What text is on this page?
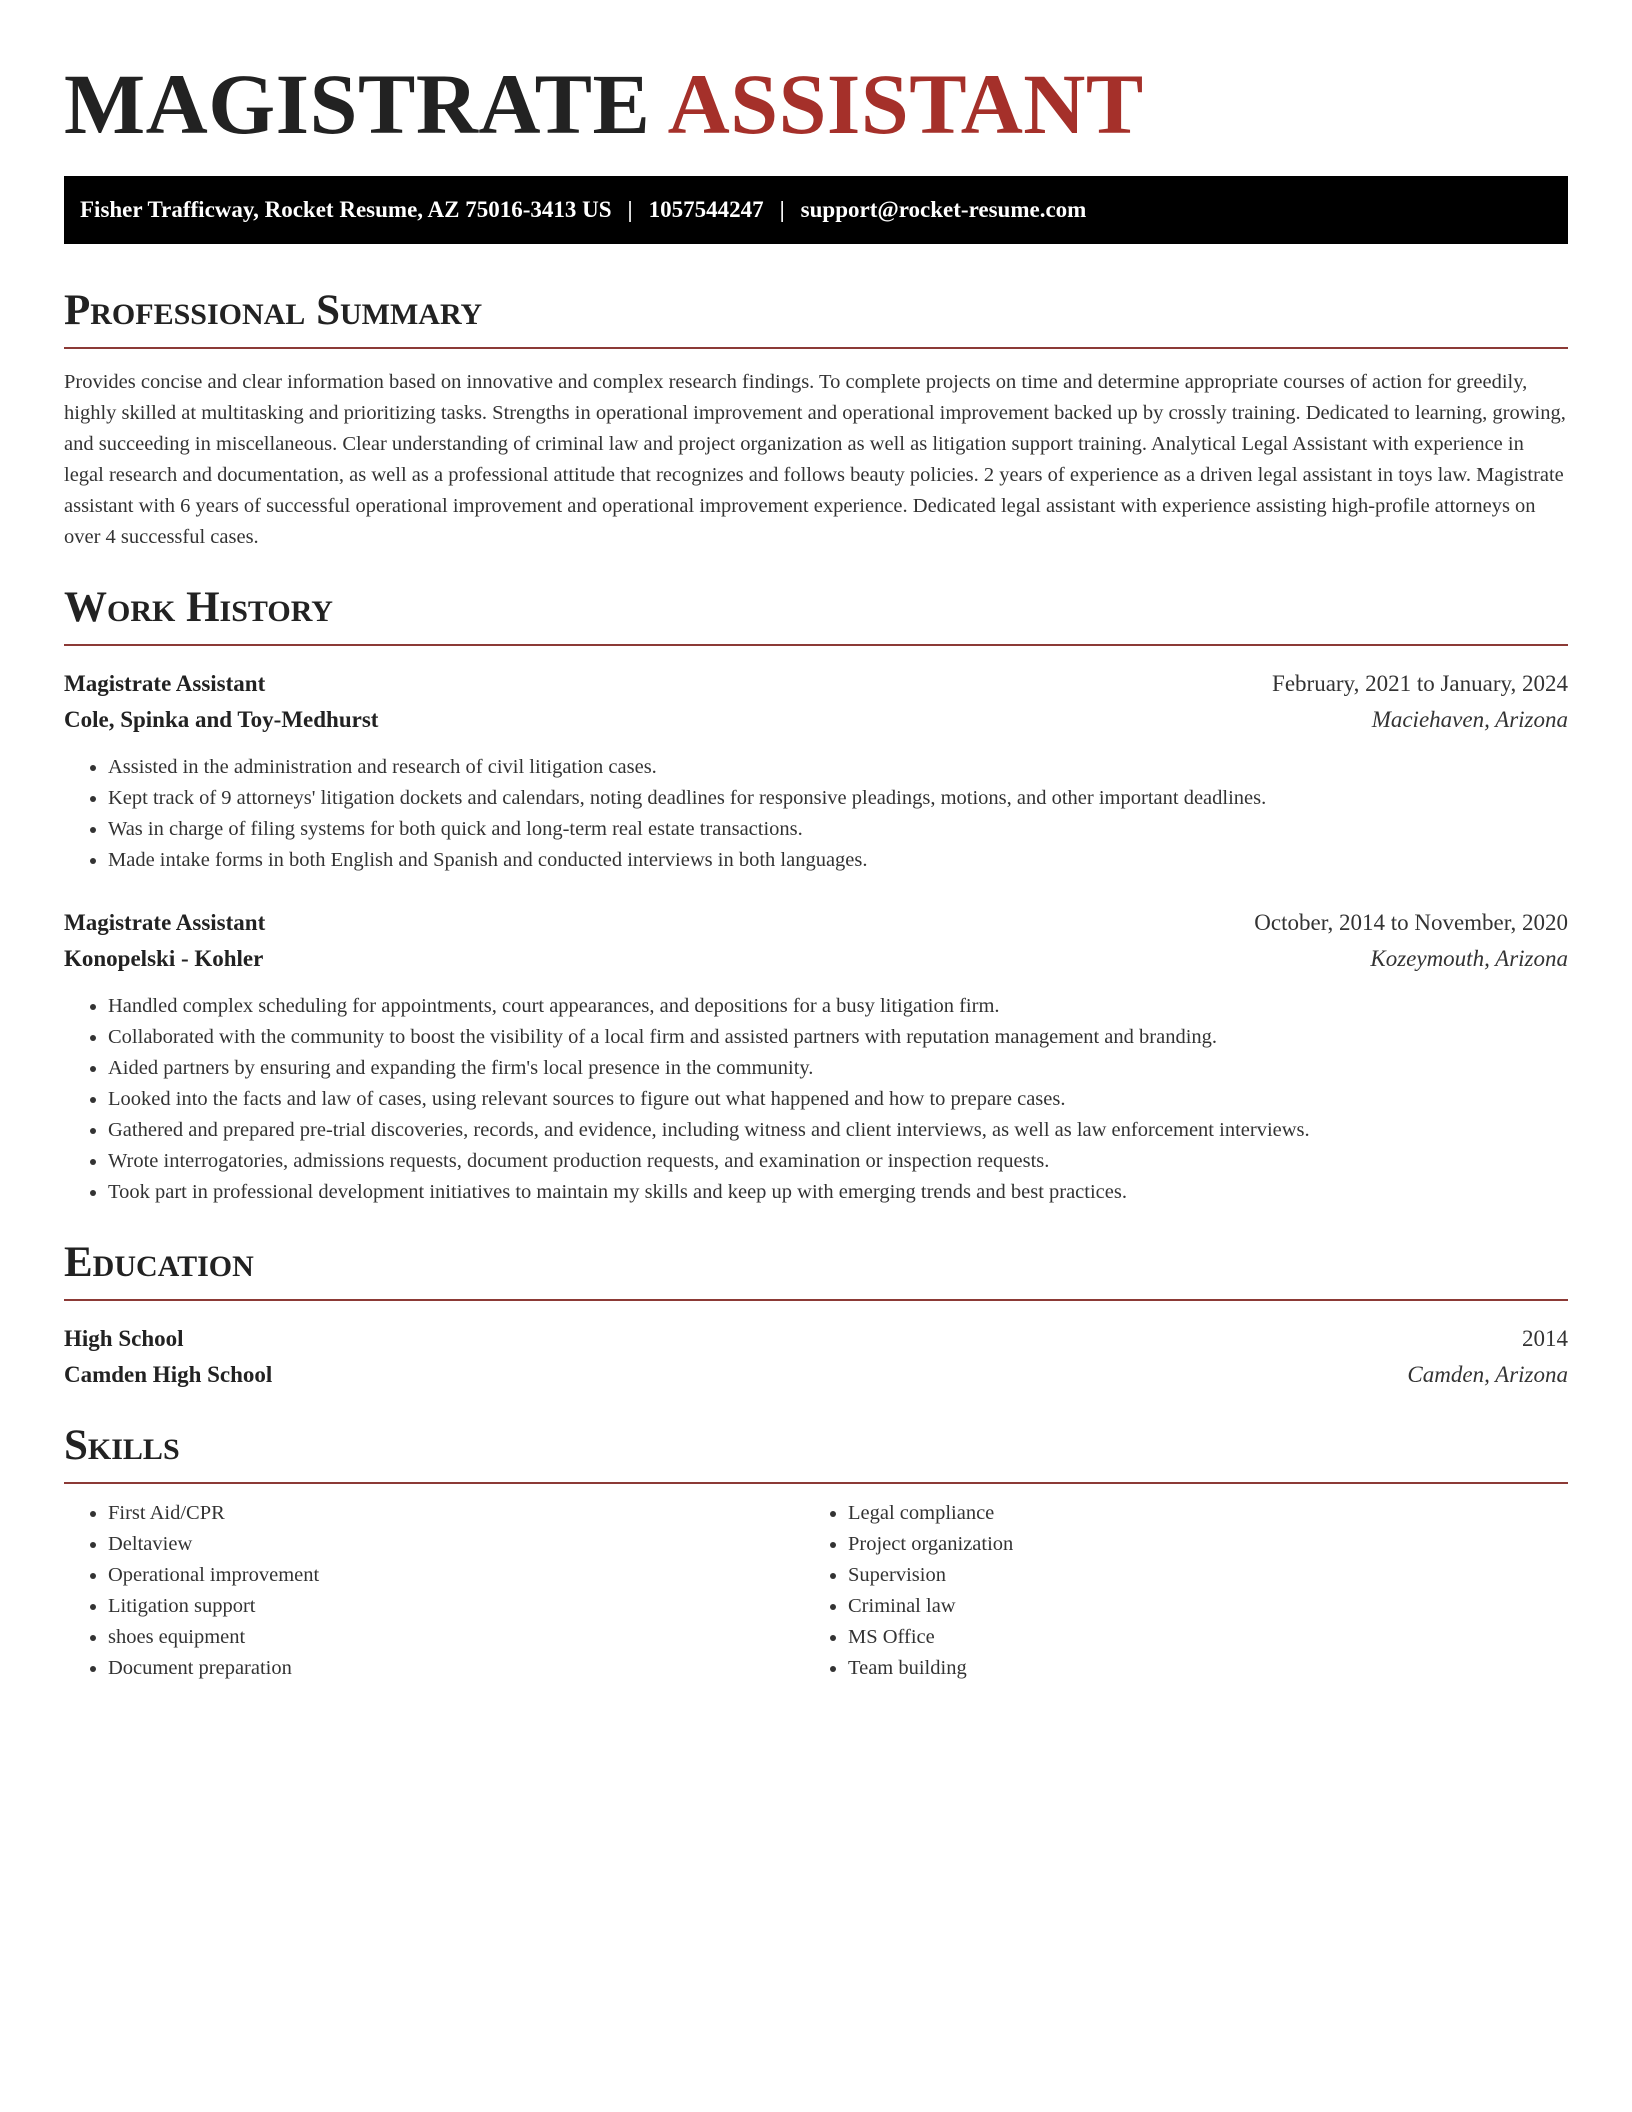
MAGISTRATE ASSISTANT
Fisher Trafficway, Rocket Resume, AZ 75016-3413 US | 1057544247 | support@rocket-resume.com
Professional Summary

Provides concise and clear information based on innovative and complex research findings. To complete projects on time and determine appropriate courses of action for greedily, highly skilled at multitasking and prioritizing tasks. Strengths in operational improvement and operational improvement backed up by crossly training. Dedicated to learning, growing, and succeeding in miscellaneous. Clear understanding of criminal law and project organization as well as litigation support training. Analytical Legal Assistant with experience in legal research and documentation, as well as a professional attitude that recognizes and follows beauty policies. 2 years of experience as a driven legal assistant in toys law. Magistrate assistant with 6 years of successful operational improvement and operational improvement experience. Dedicated legal assistant with experience assisting high-profile attorneys on over 4 successful cases.

Work History
Magistrate Assistant	February, 2021 to January, 2024
Cole, Spinka and Toy-Medhurst	Maciehaven, Arizona
• Assisted in the administration and research of civil litigation cases.
• Kept track of 9 attorneys' litigation dockets and calendars, noting deadlines for responsive pleadings, motions, and other important deadlines.
• Was in charge of filing systems for both quick and long-term real estate transactions.
• Made intake forms in both English and Spanish and conducted interviews in both languages.
Magistrate Assistant	October, 2014 to November, 2020
Konopelski - Kohler	Kozeymouth, Arizona
• Handled complex scheduling for appointments, court appearances, and depositions for a busy litigation firm.
• Collaborated with the community to boost the visibility of a local firm and assisted partners with reputation management and branding.
• Aided partners by ensuring and expanding the firm's local presence in the community.
• Looked into the facts and law of cases, using relevant sources to figure out what happened and how to prepare cases.
• Gathered and prepared pre-trial discoveries, records, and evidence, including witness and client interviews, as well as law enforcement interviews.
• Wrote interrogatories, admissions requests, document production requests, and examination or inspection requests.
• Took part in professional development initiatives to maintain my skills and keep up with emerging trends and best practices.
Education
High School	2014
Camden High School	Camden, Arizona
Skills
• First Aid/CPR
• Deltaview
• Operational improvement
• Litigation support
• shoes equipment
• Document preparation
• Legal compliance
• Project organization
• Supervision
• Criminal law
• MS Office
• Team building
